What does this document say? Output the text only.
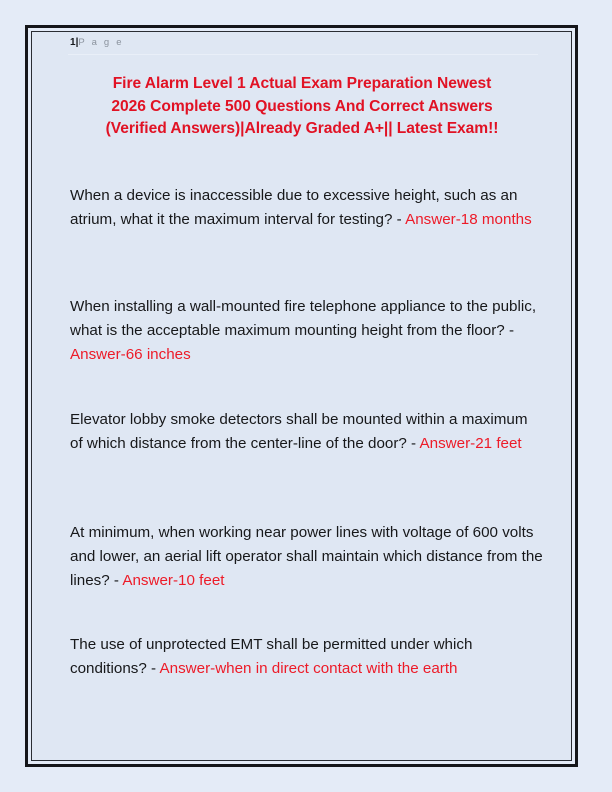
1|P a g e
Fire Alarm Level 1 Actual Exam Preparation Newest
2026 Complete 500 Questions And Correct Answers
(Verified Answers)|Already Graded A+|| Latest Exam!!
When a device is inaccessible due to excessive height, such as an atrium, what it the maximum interval for testing? - Answer-18 months
When installing a wall-mounted fire telephone appliance to the public, what is the acceptable maximum mounting height from the floor? - Answer-66 inches
Elevator lobby smoke detectors shall be mounted within a maximum of which distance from the center-line of the door? - Answer-21 feet
At minimum, when working near power lines with voltage of 600 volts and lower, an aerial lift operator shall maintain which distance from the lines? - Answer-10 feet
The use of unprotected EMT shall be permitted under which conditions? - Answer-when in direct contact with the earth
